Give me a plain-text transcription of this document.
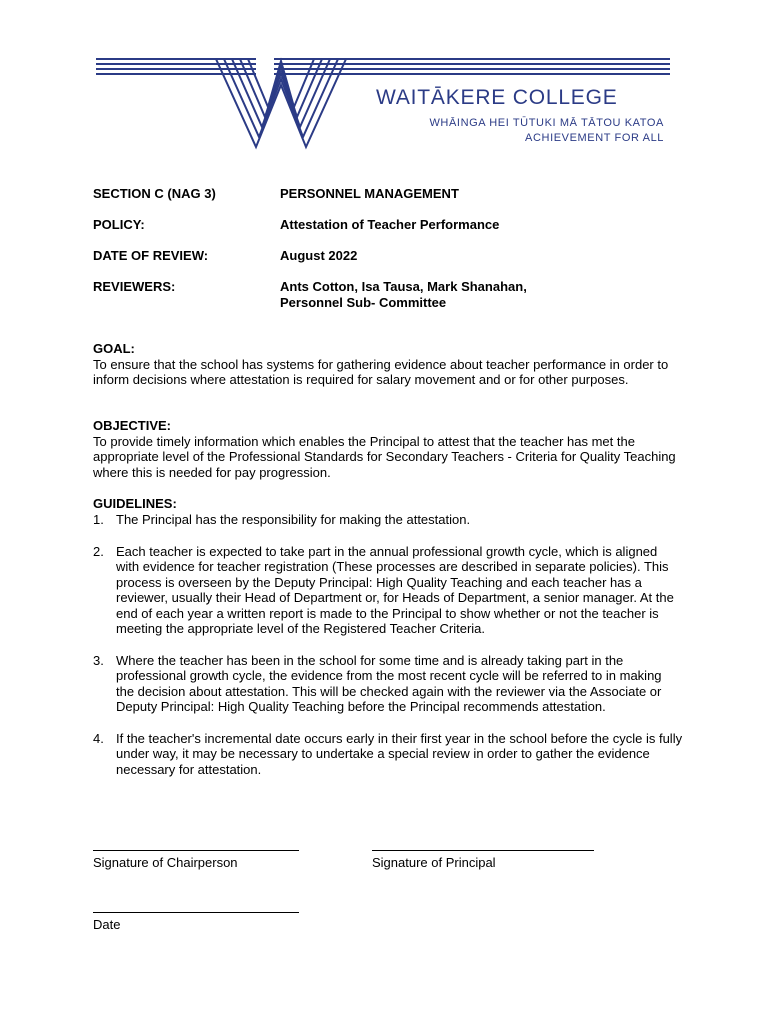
WAITĀKERE COLLEGE
WHĀINGA HEI TŪTUKI MĀ TĀTOU KATOA
ACHIEVEMENT FOR ALL
SECTION C (NAG 3)	PERSONNEL MANAGEMENT
POLICY:	Attestation of Teacher Performance
DATE OF REVIEW:	August 2022
REVIEWERS:	Ants Cotton, Isa Tausa, Mark Shanahan,
Personnel Sub- Committee
GOAL:

To ensure that the school has systems for gathering evidence about teacher performance in order to inform decisions where attestation is required for salary movement and or for other purposes.

OBJECTIVE:

To provide timely information which enables the Principal to attest that the teacher has met the appropriate level of the Professional Standards for Secondary Teachers - Criteria for Quality Teaching where this is needed for pay progression.

GUIDELINES:
1. The Principal has the responsibility for making the attestation.
2. Each teacher is expected to take part in the annual professional growth cycle, which is aligned with evidence for teacher registration (These processes are described in separate policies). This process is overseen by the Deputy Principal: High Quality Teaching and each teacher has a reviewer, usually their Head of Department or, for Heads of Department, a senior manager. At the end of each year a written report is made to the Principal to show whether or not the teacher is meeting the appropriate level of the Registered Teacher Criteria.
3. Where the teacher has been in the school for some time and is already taking part in the professional growth cycle, the evidence from the most recent cycle will be referred to in making the decision about attestation. This will be checked again with the reviewer via the Associate or Deputy Principal: High Quality Teaching before the Principal recommends attestation.
4. If the teacher's incremental date occurs early in their first year in the school before the cycle is fully under way, it may be necessary to undertake a special review in order to gather the evidence necessary for attestation.
Signature of Chairperson	Signature of Principal
Date
